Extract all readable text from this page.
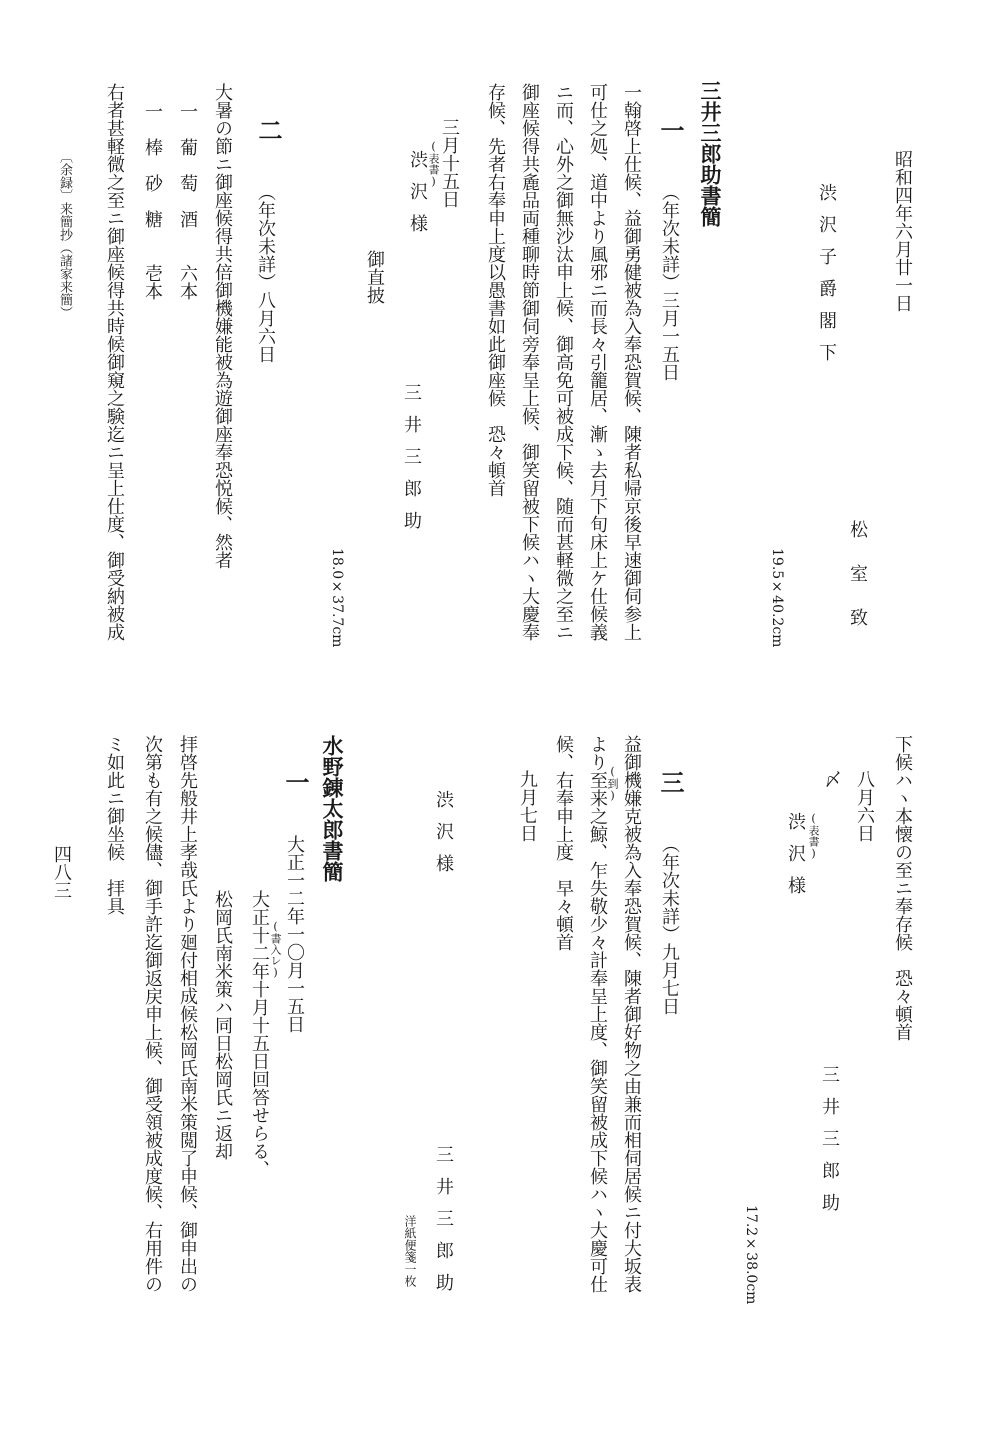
昭和四年六月廿一日
渋沢子爵閣下
松室致
19.5×40.2cm
三井三郎助書簡
一
（年次未詳）三月一五日
一翰啓上仕候、益御勇健被為入奉恐賀候、陳者私帰京後早速御伺参上
可仕之処、道中より風邪ニ而長々引籠居、漸ゝ去月下旬床上ケ仕候義
ニ而、心外之御無沙汰申上候、御高免可被成下候、随而甚軽微之至ニ
御座候得共麁品両種聊時節御伺旁奉呈上候、御笑留被下候ハヽ大慶奉
存候、先者右奉申上度以愚書如此御座候　恐々頓首
三月十五日
(表書)
渋沢様
御直披
三井三郎助
18.0×37.7cm
二
（年次未詳）八月六日
大暑の節ニ御座候得共倍御機嫌能被為遊御座奉恐悦候、然者
一　葡　萄　酒　　六本
一　棒　砂　糖　　壱本
右者甚軽微之至ニ御座候得共時候御窺之験迄ニ呈上仕度、御受納被成
四八三
〔余録〕来簡抄（諸家来簡）
下候ハヽ本懐の至ニ奉存候　恐々頓首
八月六日
〆
(表書)
渋沢様
三井三郎助
17.2×38.0cm
三
（年次未詳）九月七日
益御機嫌克被為入奉恐賀候、陳者御好物之由兼而相伺居候ニ付大坂表
(到)
より至来之鯨、乍失敬少々計奉呈上度、御笑留被成下候ハヽ大慶可仕
候、右奉申上度　早々頓首
九月七日
渋沢様
三井三郎助
洋紙便箋一枚
水野錬太郎書簡
一
大正一二年一〇月一五日
(書入レ)
大正十二年十月十五日回答せらる、
松岡氏南米策ハ同日松岡氏ニ返却
拝啓先般井上孝哉氏より廻付相成候松岡氏南米策閲了申候、御申出の
次第も有之候儘、御手許迄御返戻申上候、御受領被成度候、右用件の
ミ如此ニ御坐候　拝具
